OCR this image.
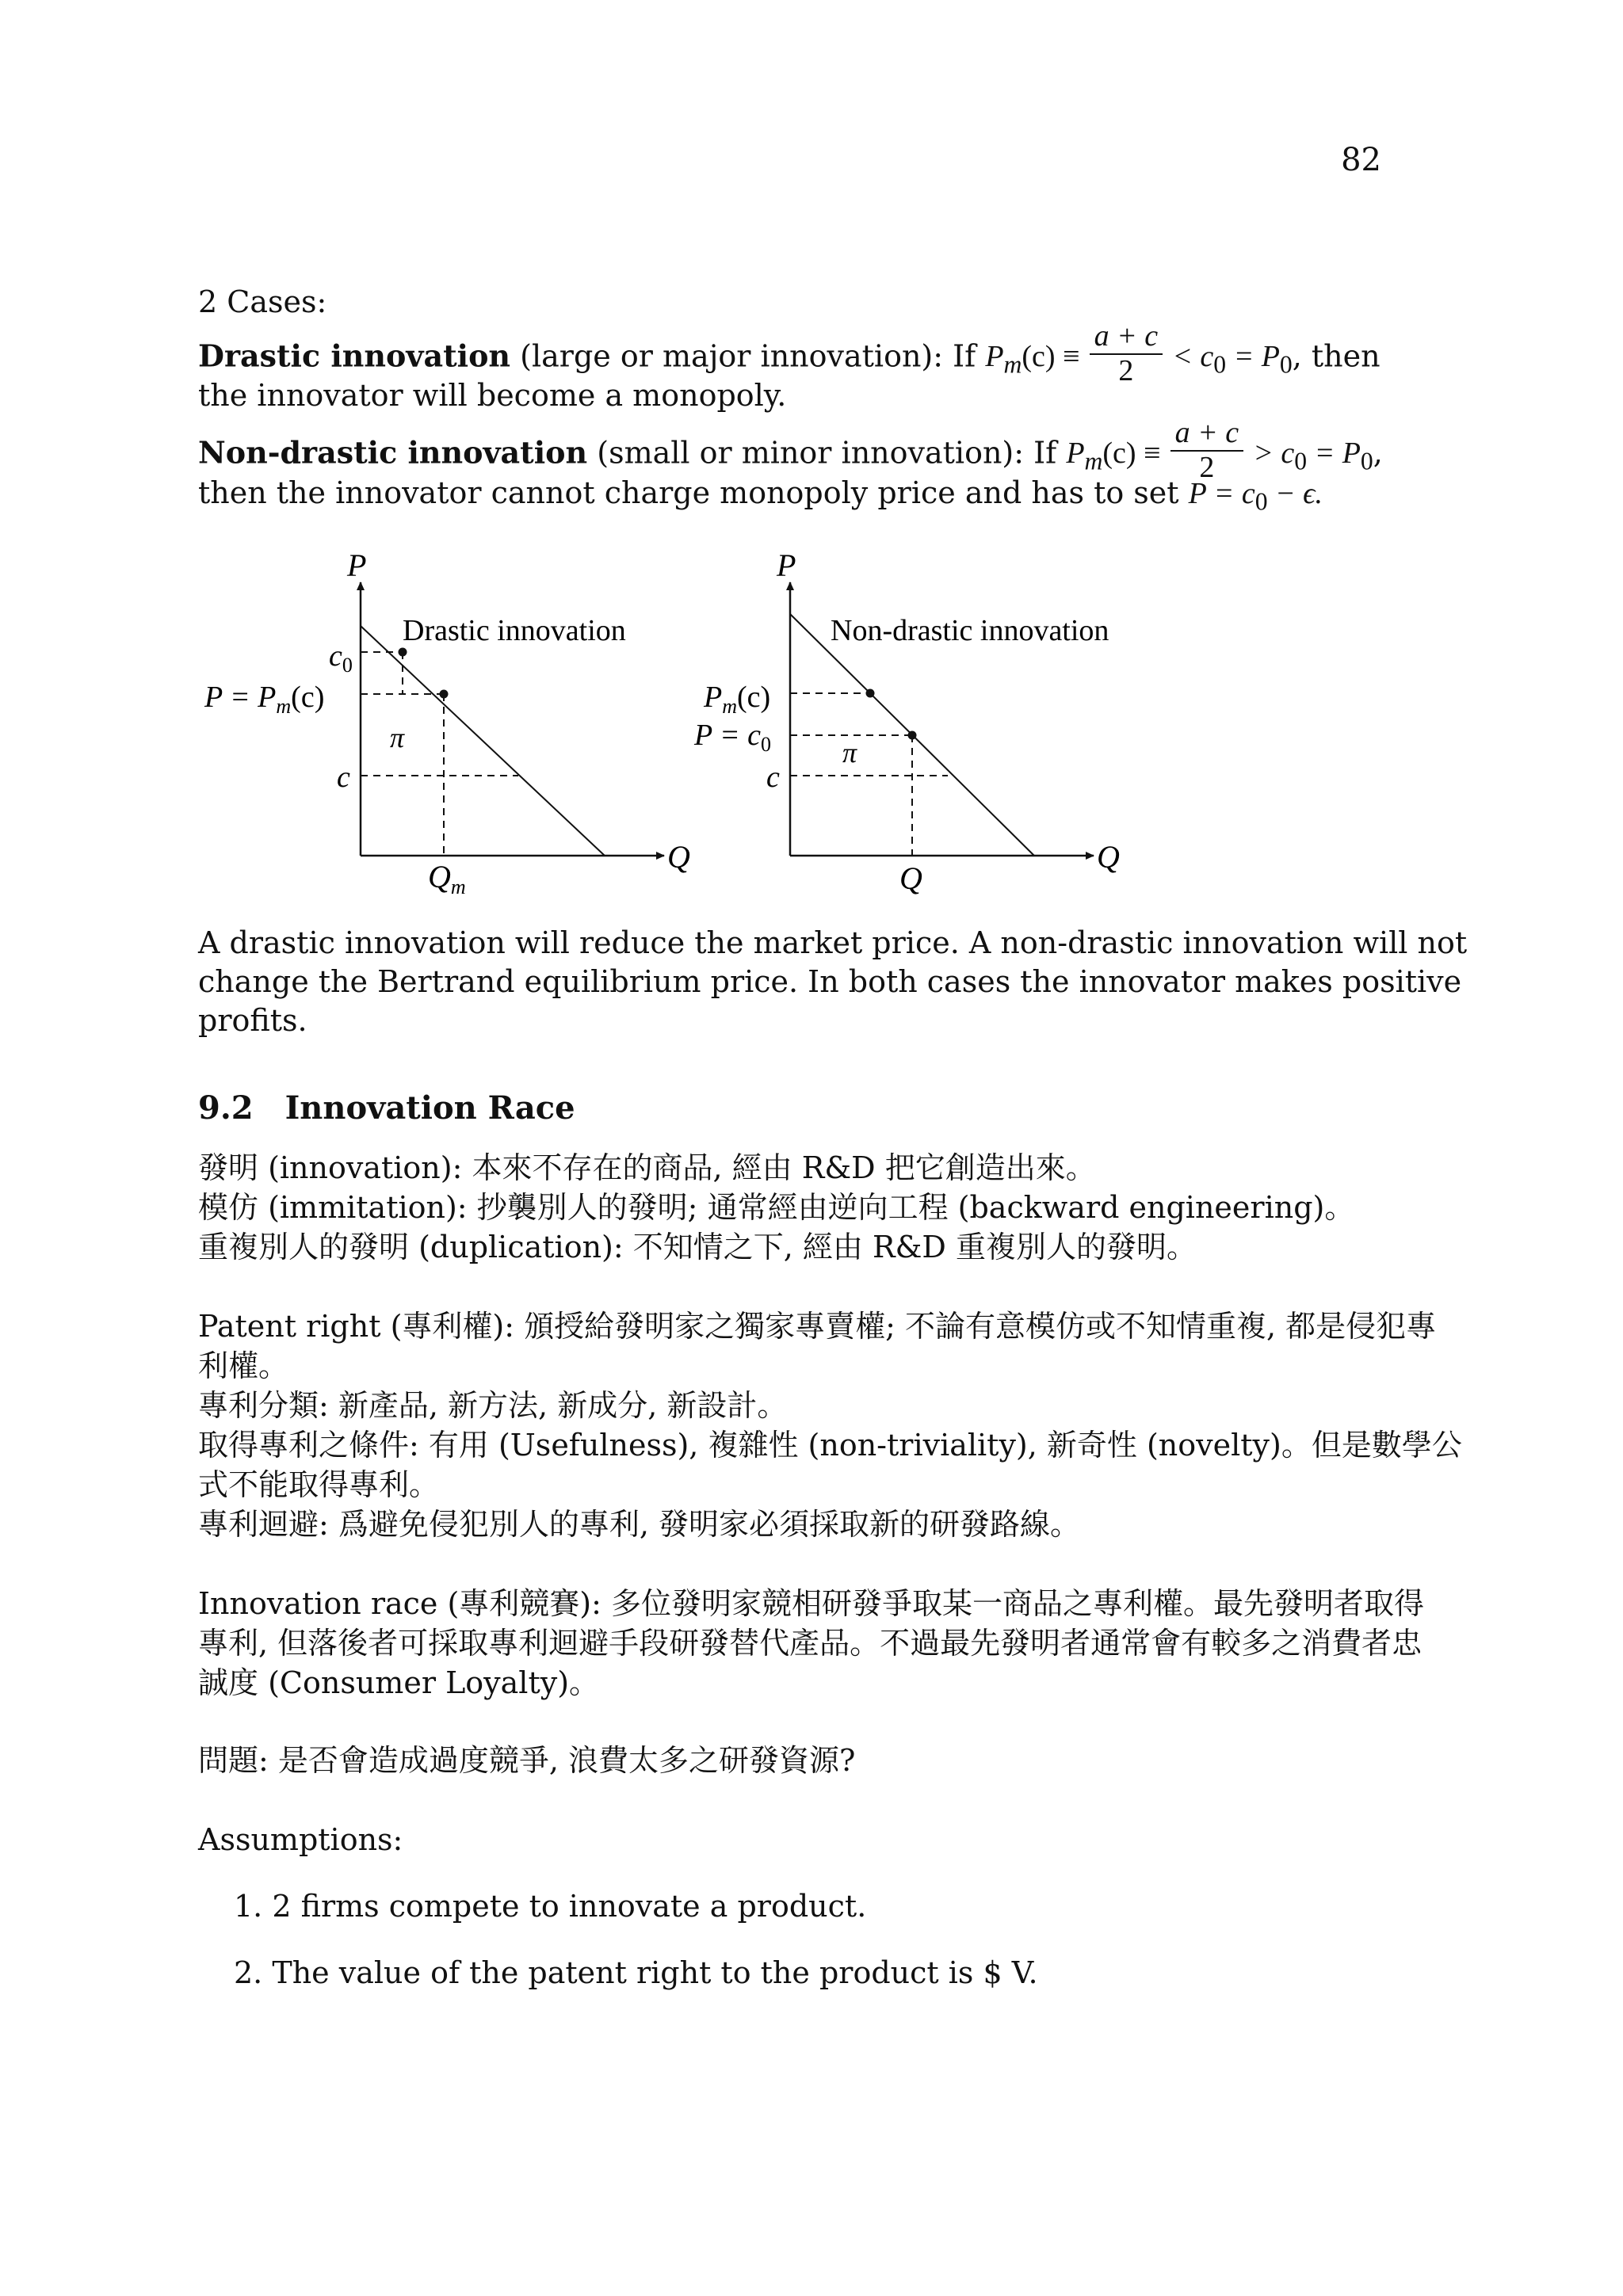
82
2 Cases:
Drastic innovation (large or major innovation): If $P_m(c) \equiv \frac{a + c}{2} < c_0 = P_0$, then
the innovator will become a monopoly.
Non-drastic innovation (small or minor innovation): If $P_m(c) \equiv \frac{a + c}{2} > c_0 = P_0$,
then the innovator cannot charge monopoly price and has to set $P = c_0 - \epsilon$.
P
Q
Drastic innovation
$c_0$
$P = P_m(c)$
c
π
$Q_m$
P
Q
Non-drastic innovation
$P_m(c)$
$P = c_0$
c
π
Q
A drastic innovation will reduce the market price. A non-drastic innovation will not
change the Bertrand equilibrium price. In both cases the innovator makes positive
profits.
9.2 Innovation Race
發明 (innovation): 本來不存在的商品, 經由 R&D 把它創造出來。
模仿 (immitation): 抄襲別人的發明; 通常經由逆向工程 (backward engineering)。
重複別人的發明 (duplication): 不知情之下, 經由 R&D 重複別人的發明。
Patent right (專利權): 頒授給發明家之獨家專賣權; 不論有意模仿或不知情重複, 都是侵犯專
利權。
專利分類: 新產品, 新方法, 新成分, 新設計。
取得專利之條件: 有用 (Usefulness), 複雜性 (non-triviality), 新奇性 (novelty)。但是數學公
式不能取得專利。
專利迴避: 爲避免侵犯別人的專利, 發明家必須採取新的研發路線。
Innovation race (專利競賽): 多位發明家競相研發爭取某一商品之專利權。最先發明者取得
專利, 但落後者可採取專利迴避手段研發替代產品。不過最先發明者通常會有較多之消費者忠
誠度 (Consumer Loyalty)。
問題: 是否會造成過度競爭, 浪費太多之研發資源?
Assumptions:
1. 2 firms compete to innovate a product.
2. The value of the patent right to the product is $ V.
